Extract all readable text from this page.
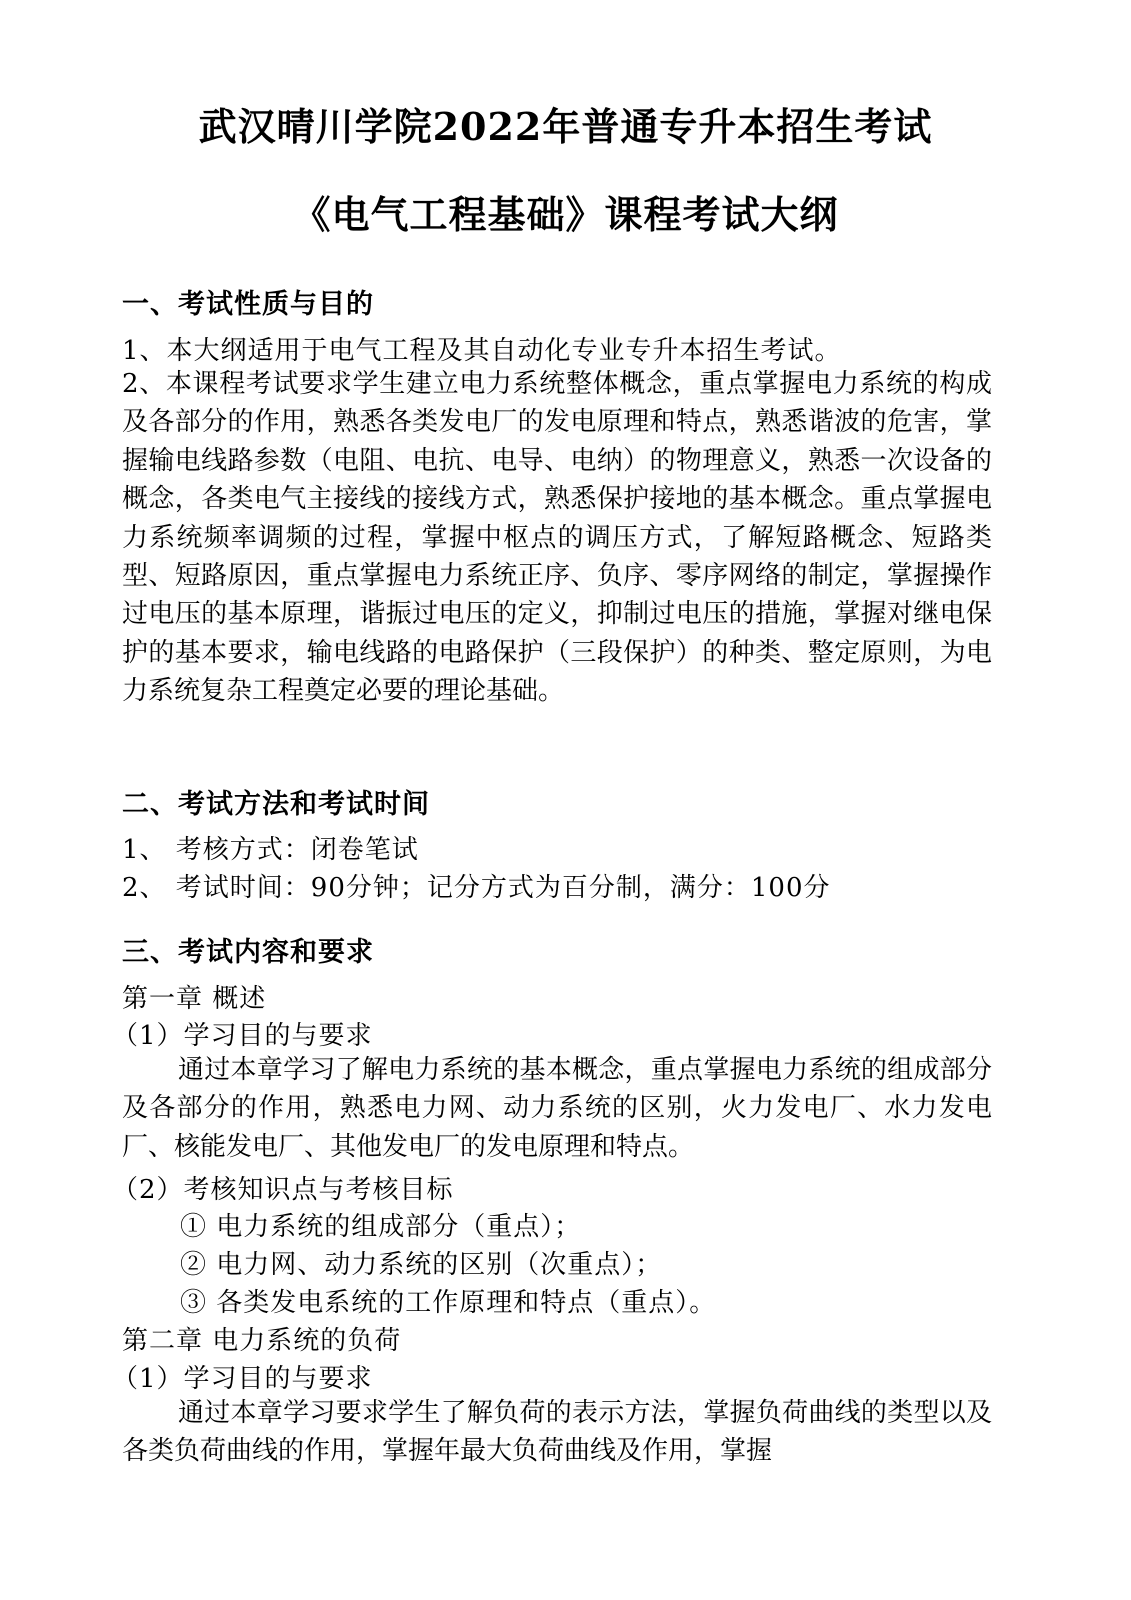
武汉晴川学院2022年普通专升本招生考试
《电气工程基础》课程考试大纲
一、考试性质与目的
1、本大纲适用于电气工程及其自动化专业专升本招生考试。
2、本课程考试要求学生建立电力系统整体概念，重点掌握电力系统的构成及各部分的作用，熟悉各类发电厂的发电原理和特点，熟悉谐波的危害，掌握输电线路参数（电阻、电抗、电导、电纳）的物理意义，熟悉一次设备的概念，各类电气主接线的接线方式，熟悉保护接地的基本概念。重点掌握电力系统频率调频的过程，掌握中枢点的调压方式，了解短路概念、短路类型、短路原因，重点掌握电力系统正序、负序、零序网络的制定，掌握操作过电压的基本原理，谐振过电压的定义，抑制过电压的措施，掌握对继电保护的基本要求，输电线路的电路保护（三段保护）的种类、整定原则，为电力系统复杂工程奠定必要的理论基础。
二、考试方法和考试时间
1、 考核方式：闭卷笔试
2、 考试时间：90分钟；记分方式为百分制，满分：100分
三、考试内容和要求
第一章 概述
（1）学习目的与要求
通过本章学习了解电力系统的基本概念，重点掌握电力系统的组成部分及各部分的作用，熟悉电力网、动力系统的区别，火力发电厂、水力发电厂、核能发电厂、其他发电厂的发电原理和特点。
（2）考核知识点与考核目标
① 电力系统的组成部分（重点）；
② 电力网、动力系统的区别（次重点）；
③ 各类发电系统的工作原理和特点（重点）。
第二章 电力系统的负荷
（1）学习目的与要求
通过本章学习要求学生了解负荷的表示方法，掌握负荷曲线的类型以及各类负荷曲线的作用，掌握年最大负荷曲线及作用，掌握
